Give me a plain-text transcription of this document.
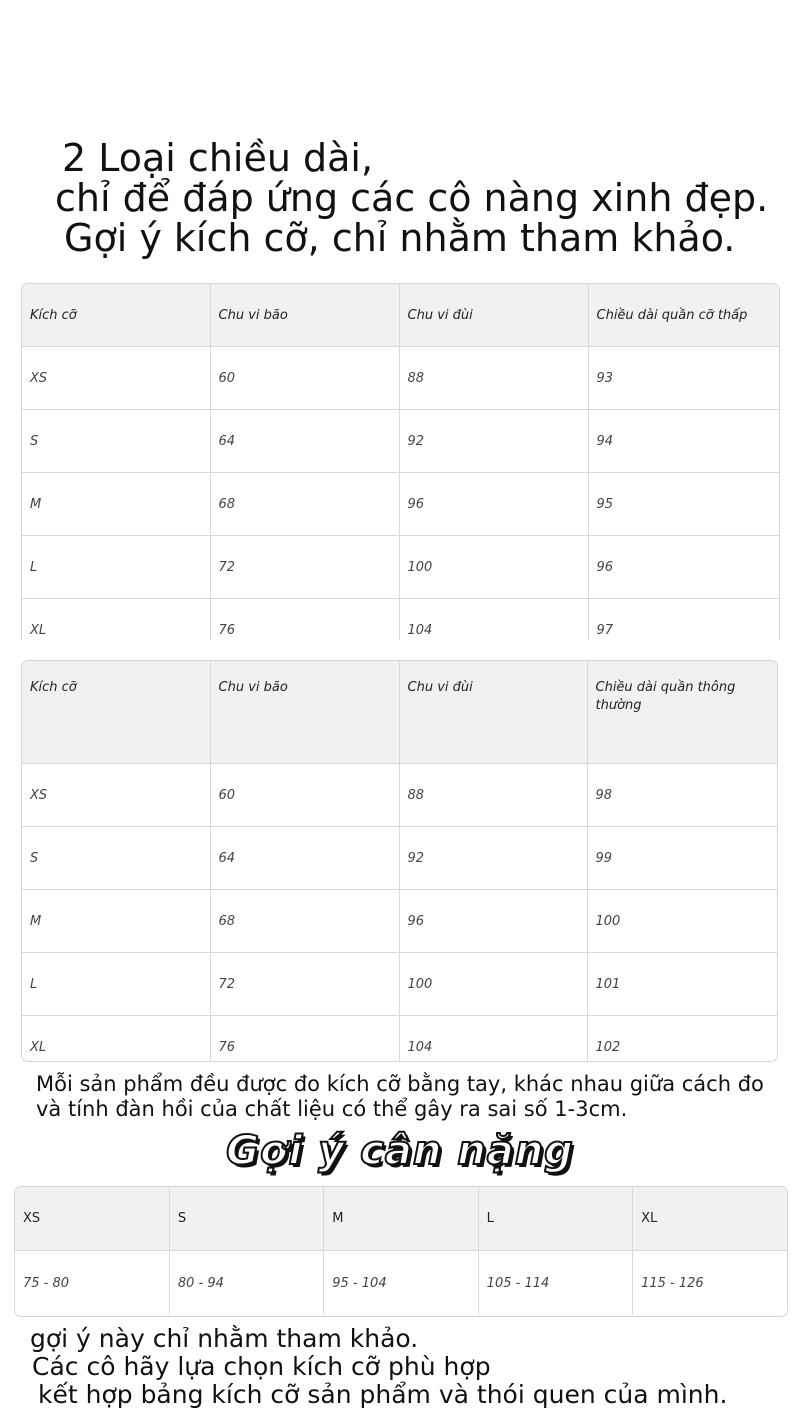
2 Loại chiều dài,
chỉ để đáp ứng các cô nàng xinh đẹp.
Gợi ý kích cỡ, chỉ nhằm tham khảo.
Kích cỡ	Chu vi bão	Chu vi đùi	Chiều dài quần cỡ thấp
XS	60	88	93
S	64	92	94
M	68	96	95
L	72	100	96
XL	76	104	97
Kích cỡ	Chu vi bão	Chu vi đùi	Chiều dài quần thông thường
XS	60	88	98
S	64	92	99
M	68	96	100
L	72	100	101
XL	76	104	102
Mỗi sản phẩm đều được đo kích cỡ bằng tay, khác nhau giữa cách đo và tính đàn hồi của chất liệu có thể gây ra sai số 1-3cm.
Gợi ý cân nặng
XS	S	M	L	XL
75 - 80	80 - 94	95 - 104	105 - 114	115 - 126
gợi ý này chỉ nhằm tham khảo.
Các cô hãy lựa chọn kích cỡ phù hợp
kết hợp bảng kích cỡ sản phẩm và thói quen của mình.
